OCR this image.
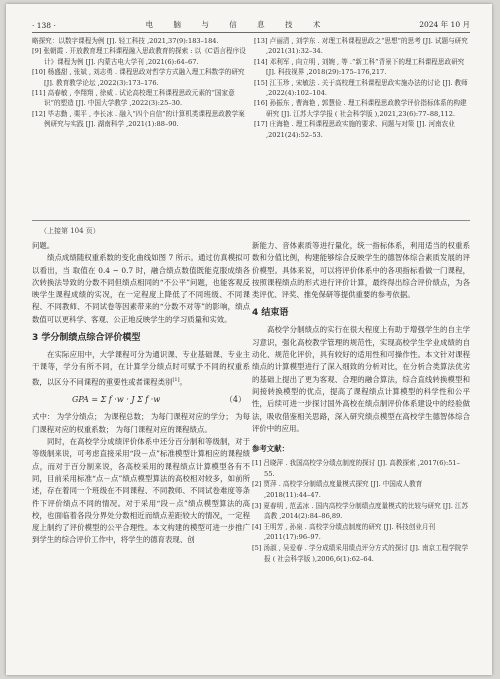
· 138 ·	电 脑 与 信 息 技 术	2024 年 10 月

略探究：以数字课程为例 [J]. 轻工科技 ,2021,37(9):183–184.

[9] 张朝霞 . 开放教育理工科课程融入思政教育的探索 : 以《C语言程序设计》课程为例 [J]. 内蒙古电大学刊 ,2021(6):64–67.

[10] 杨盛甜 , 张斌 , 刘志勇 . 课程思政对哲学方式融入理工科数学的研究 [J]. 教育教学论坛 ,2022(3):173–176.

[11] 高春敏 , 李翔翔 , 徐威 . 试论高校理工科课程思政元素的“国家意识”的塑造 [J]. 中国大学教学 ,2022(3):25–30.

[12] 毕志勤 , 栗平 , 李长冰 . 融入“四个自信”的计算机类课程思政教学案例研究与实践 [J]. 湖南科学 ,2021(1):88–90.

[13] 卢丽清 , 刘学东 . 对理工科课程思政之“思想”的思考 [J]. 试题与研究 ,2021(31):32–34.

[14] 邓利军 , 向立明 , 刘婉 , 等 .“新工科”背景下的理工科课程思政研究 [J]. 科技视界 ,2018(29):175–176,217.

[15] 江玉珍 , 宋敏法 . 关于高校理工科课程思政实施办法的讨论 [J]. 教师 ,2022(4):102–104.

[16] 孙振东 , 曹海艳 , 郭慧俭 . 理工科课程思政教学评价指标体系的构建研究 [J]. 江苏大学学报 ( 社会科学版 ),2021,23(6):77–88,112.

[17] 庄海艳 . 理工科课程思政实施的要求、问题与对策 [J]. 河南农业 ,2021(24):52–53.

（上接第 104 页）

问题。

绩点成绩随权重系数的变化曲线如图 7 所示。通过仿真模拟可以看出，当 取值在 0.4 ~ 0.7 时，融合绩点数值既能克服成绩各次转换法导致的分数不同但绩点相同的“不公平”问题，也能客观反映学生课程成绩的实况，在一定程度上降低了不同班级、不同课程、不同教师、不同试卷等因素带来的“分数不对等”的影响，绩点数值可以更科学、客观、公正地反映学生的学习质量和实效。

3 学分制绩点综合评价模型

在实际应用中，大学课程可分为通识课、专业基础课、专业主干课等，学分有所不同，在计算学分绩点时可赋予不同的权重系数，以区分不同课程的重要性或者课程类别[1]。

GPA = Σ f ·w · J Σ f ·w	（4）

式中： 为学分绩点； 为课程总数； 为每门课程对应的学分； 为每门课程对应的权重系数； 为每门课程对应的课程绩点。

同时，在高校学分成绩评价体系中还分百分制和等级制，对于等级制来说，可考虑直接采用“段－点”标准模型计算相应的课程绩点，而对于百分制来说，各高校采用的课程绩点计算模型各有不同，目前采用标准“点－点”绩点模型算法的高校相对较多，如前所述，存在着同一个班级在不同课程、不同教师、不同试卷难度等条件下评价绩点不同的情况。对于采用“段－点”绩点模型算法的高校，也面临着各段分界处分数相近而绩点差距较大的情况，一定程度上制约了评价模型的公平合理性。本文构建的模型可进一步推广到学生的综合评价工作中，将学生的德育表现、创

新能力、音体素质等进行量化，统一指标体系，利用适当的权重系数和分值比例，构建能够综合反映学生的德智体综合素质发展的评价模型。具体来说，可以将评价体系中的各项指标看做一门课程，按照课程绩点的形式进行评价计算，最终得出综合评价绩点，为各类评优、评奖、推免保研等提供重要的参考依据。

4 结束语

高校学分制绩点的实行在很大程度上有助于增强学生的自主学习意识，强化高校教学管理的规范性，实现高校学生学业成绩的自动化、规范化评价，具有较好的适用性和可操作性。本文针对课程绩点的计算模型进行了深入细致的分析对比，在分析合类算法优劣的基础上提出了更为客观、合理的融合算法，综合直线转换模型和间接转换模型的优点，提高了课程绩点计算模型的科学性和公平性，后续可进一步探讨国外高校在绩点制评价体系建设中的经验做法，吸收借鉴相关思路，深入研究绩点模型在高校学生德智体综合评价中的应用。

参考文献：

[1] 吕晓萍 . 我国高校学分绩点制度的探讨 [J]. 高教探索 ,2017(6):51–55.

[2] 贾萍 . 高校学分制绩点度量模式探究 [J]. 中国成人教育 ,2018(11):44–47.

[3] 夏春明 , 范孟冰 . 国内高校学分制绩点度量模式的比较与研究 [J]. 江苏高教 ,2014(2):84–86,89.

[4] 王明芳 , 孙泉 . 高校学分绩点制度的研究 [J]. 科技创业月刊 ,2011(17):96–97.

[5] 汤淑 , 吴爱春 . 学分成绩采用绩点评分方式的探讨 [J]. 南京工程学院学报 ( 社会科学版 ),2006,6(1):62–64.
